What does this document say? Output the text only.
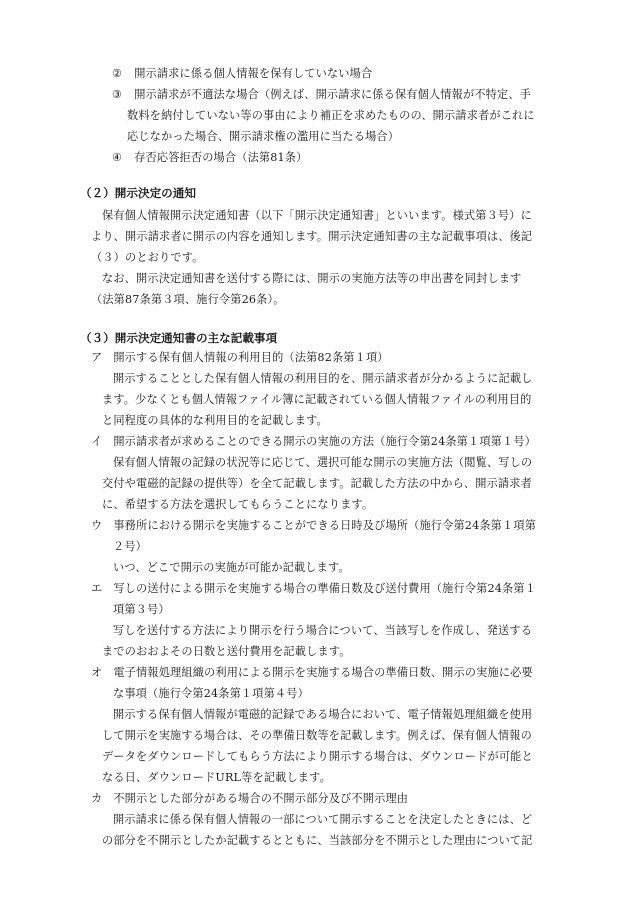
② 開示請求に係る個人情報を保有していない場合
③ 開示請求が不適法な場合（例えば、開示請求に係る保有個人情報が不特定、手
数料を納付していない等の事由により補正を求めたものの、開示請求者がこれに
応じなかった場合、開示請求権の濫用に当たる場合）
④ 存否応答拒否の場合（法第81条）
（２）開示決定の通知
保有個人情報開示決定通知書（以下「開示決定通知書」といいます。様式第３号）に
より、開示請求者に開示の内容を通知します。開示決定通知書の主な記載事項は、後記
（３）のとおりです。
なお、開示決定通知書を送付する際には、開示の実施方法等の申出書を同封します
（法第87条第３項、施行令第26条）。
（３）開示決定通知書の主な記載事項
ア 開示する保有個人情報の利用目的（法第82条第１項）
開示することとした保有個人情報の利用目的を、開示請求者が分かるように記載し
ます。少なくとも個人情報ファイル簿に記載されている個人情報ファイルの利用目的
と同程度の具体的な利用目的を記載します。
イ 開示請求者が求めることのできる開示の実施の方法（施行令第24条第１項第１号）
保有個人情報の記録の状況等に応じて、選択可能な開示の実施方法（閲覧、写しの
交付や電磁的記録の提供等）を全て記載します。記載した方法の中から、開示請求者
に、希望する方法を選択してもらうことになります。
ウ 事務所における開示を実施することができる日時及び場所（施行令第24条第１項第
２号）
いつ、どこで開示の実施が可能か記載します。
エ 写しの送付による開示を実施する場合の準備日数及び送付費用（施行令第24条第１
項第３号）
写しを送付する方法により開示を行う場合について、当該写しを作成し、発送する
までのおおよその日数と送付費用を記載します。
オ 電子情報処理組織の利用による開示を実施する場合の準備日数、開示の実施に必要
な事項（施行令第24条第１項第４号）
開示する保有個人情報が電磁的記録である場合において、電子情報処理組織を使用
して開示を実施する場合は、その準備日数等を記載します。例えば、保有個人情報の
データをダウンロードしてもらう方法により開示する場合は、ダウンロードが可能と
なる日、ダウンロードURL等を記載します。
カ 不開示とした部分がある場合の不開示部分及び不開示理由
開示請求に係る保有個人情報の一部について開示することを決定したときには、ど
の部分を不開示としたか記載するとともに、当該部分を不開示とした理由について記
